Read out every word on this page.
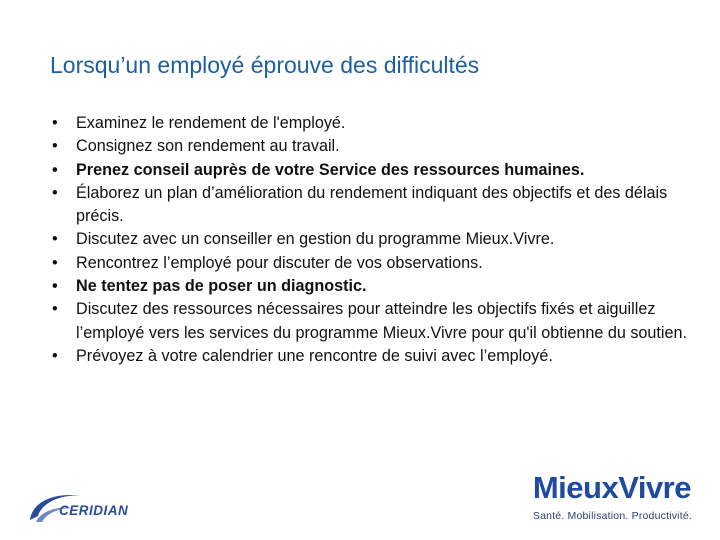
Lorsqu’un employé éprouve des difficultés
• Examinez le rendement de l'employé.
• Consignez son rendement au travail.
• Prenez conseil auprès de votre Service des ressources humaines.
• Élaborez un plan d’amélioration du rendement indiquant des objectifs et des délais précis.
• Discutez avec un conseiller en gestion du programme Mieux.Vivre.
• Rencontrez l’employé pour discuter de vos observations.
• Ne tentez pas de poser un diagnostic.
• Discutez des ressources nécessaires pour atteindre les objectifs fixés et aiguillez l’employé vers les services du programme Mieux.Vivre pour qu'il obtienne du soutien.
• Prévoyez à votre calendrier une rencontre de suivi avec l’employé.
CERIDIAN
MieuxVivre
Santé. Mobilisation. Productivité.
